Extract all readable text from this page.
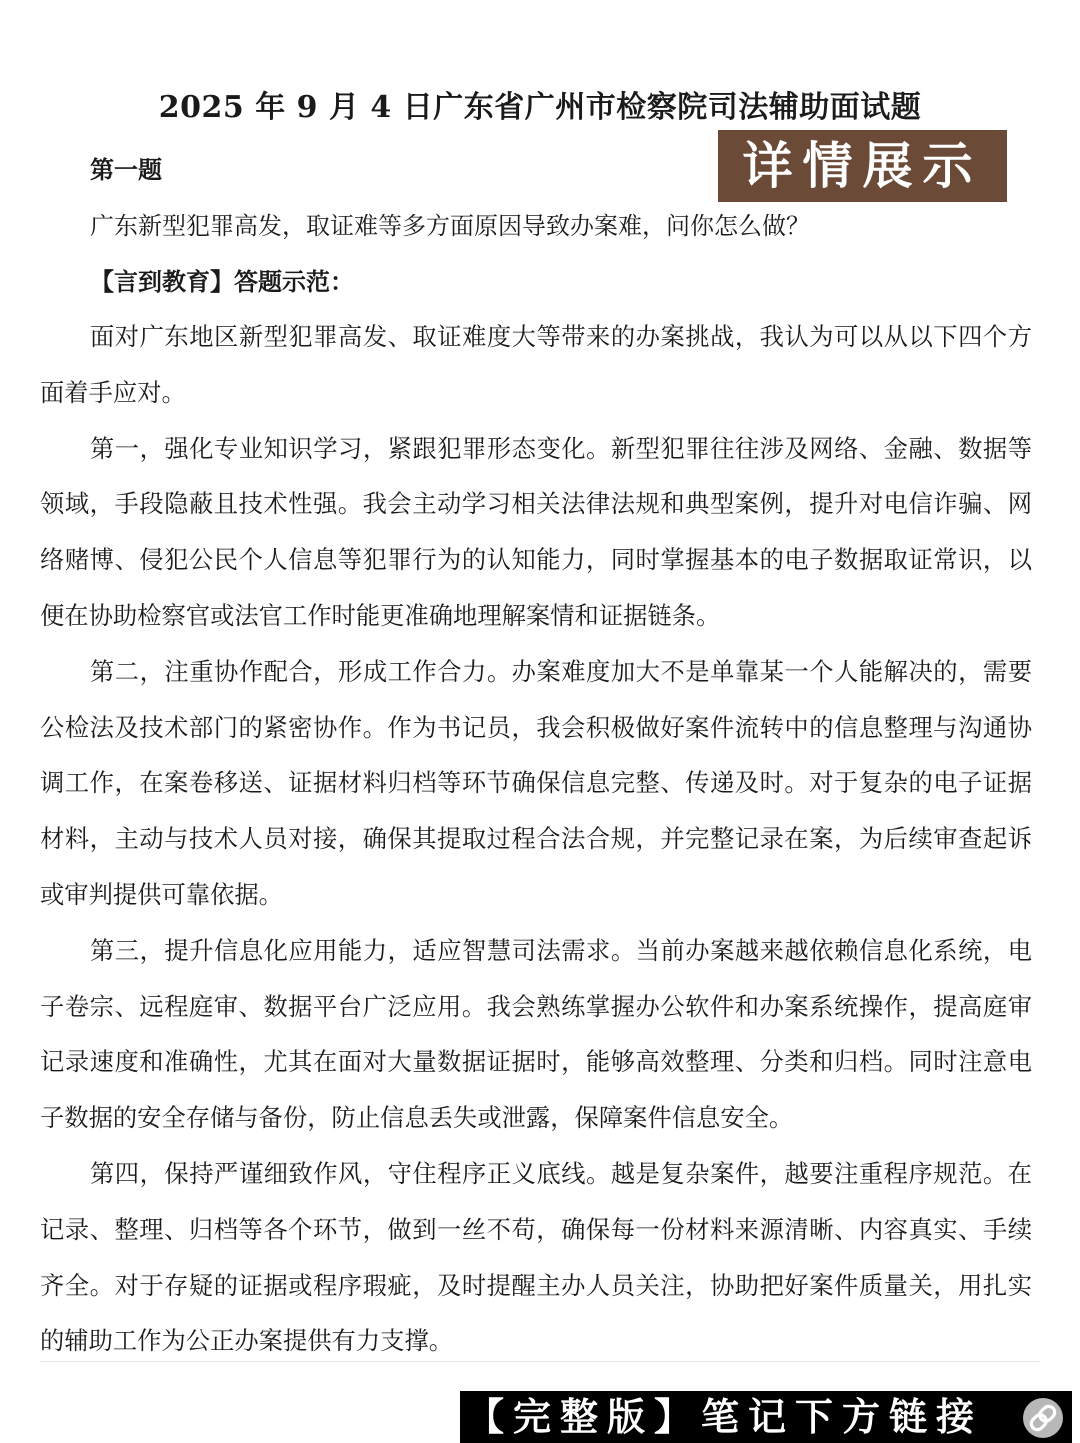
2025 年 9 月 4 日广东省广州市检察院司法辅助面试题
详情展示
第一题
广东新型犯罪高发，取证难等多方面原因导致办案难，问你怎么做？
【言到教育】答题示范：

面对广东地区新型犯罪高发、取证难度大等带来的办案挑战，我认为可以从以下四个方面着手应对。

第一，强化专业知识学习，紧跟犯罪形态变化。新型犯罪往往涉及网络、金融、数据等领域，手段隐蔽且技术性强。我会主动学习相关法律法规和典型案例，提升对电信诈骗、网络赌博、侵犯公民个人信息等犯罪行为的认知能力，同时掌握基本的电子数据取证常识，以便在协助检察官或法官工作时能更准确地理解案情和证据链条。

第二，注重协作配合，形成工作合力。办案难度加大不是单靠某一个人能解决的，需要公检法及技术部门的紧密协作。作为书记员，我会积极做好案件流转中的信息整理与沟通协调工作，在案卷移送、证据材料归档等环节确保信息完整、传递及时。对于复杂的电子证据材料，主动与技术人员对接，确保其提取过程合法合规，并完整记录在案，为后续审查起诉或审判提供可靠依据。

第三，提升信息化应用能力，适应智慧司法需求。当前办案越来越依赖信息化系统，电子卷宗、远程庭审、数据平台广泛应用。我会熟练掌握办公软件和办案系统操作，提高庭审记录速度和准确性，尤其在面对大量数据证据时，能够高效整理、分类和归档。同时注意电子数据的安全存储与备份，防止信息丢失或泄露，保障案件信息安全。

第四，保持严谨细致作风，守住程序正义底线。越是复杂案件，越要注重程序规范。在记录、整理、归档等各个环节，做到一丝不苟，确保每一份材料来源清晰、内容真实、手续齐全。对于存疑的证据或程序瑕疵，及时提醒主办人员关注，协助把好案件质量关，用扎实的辅助工作为公正办案提供有力支撑。

【完整版】笔记下方链接
